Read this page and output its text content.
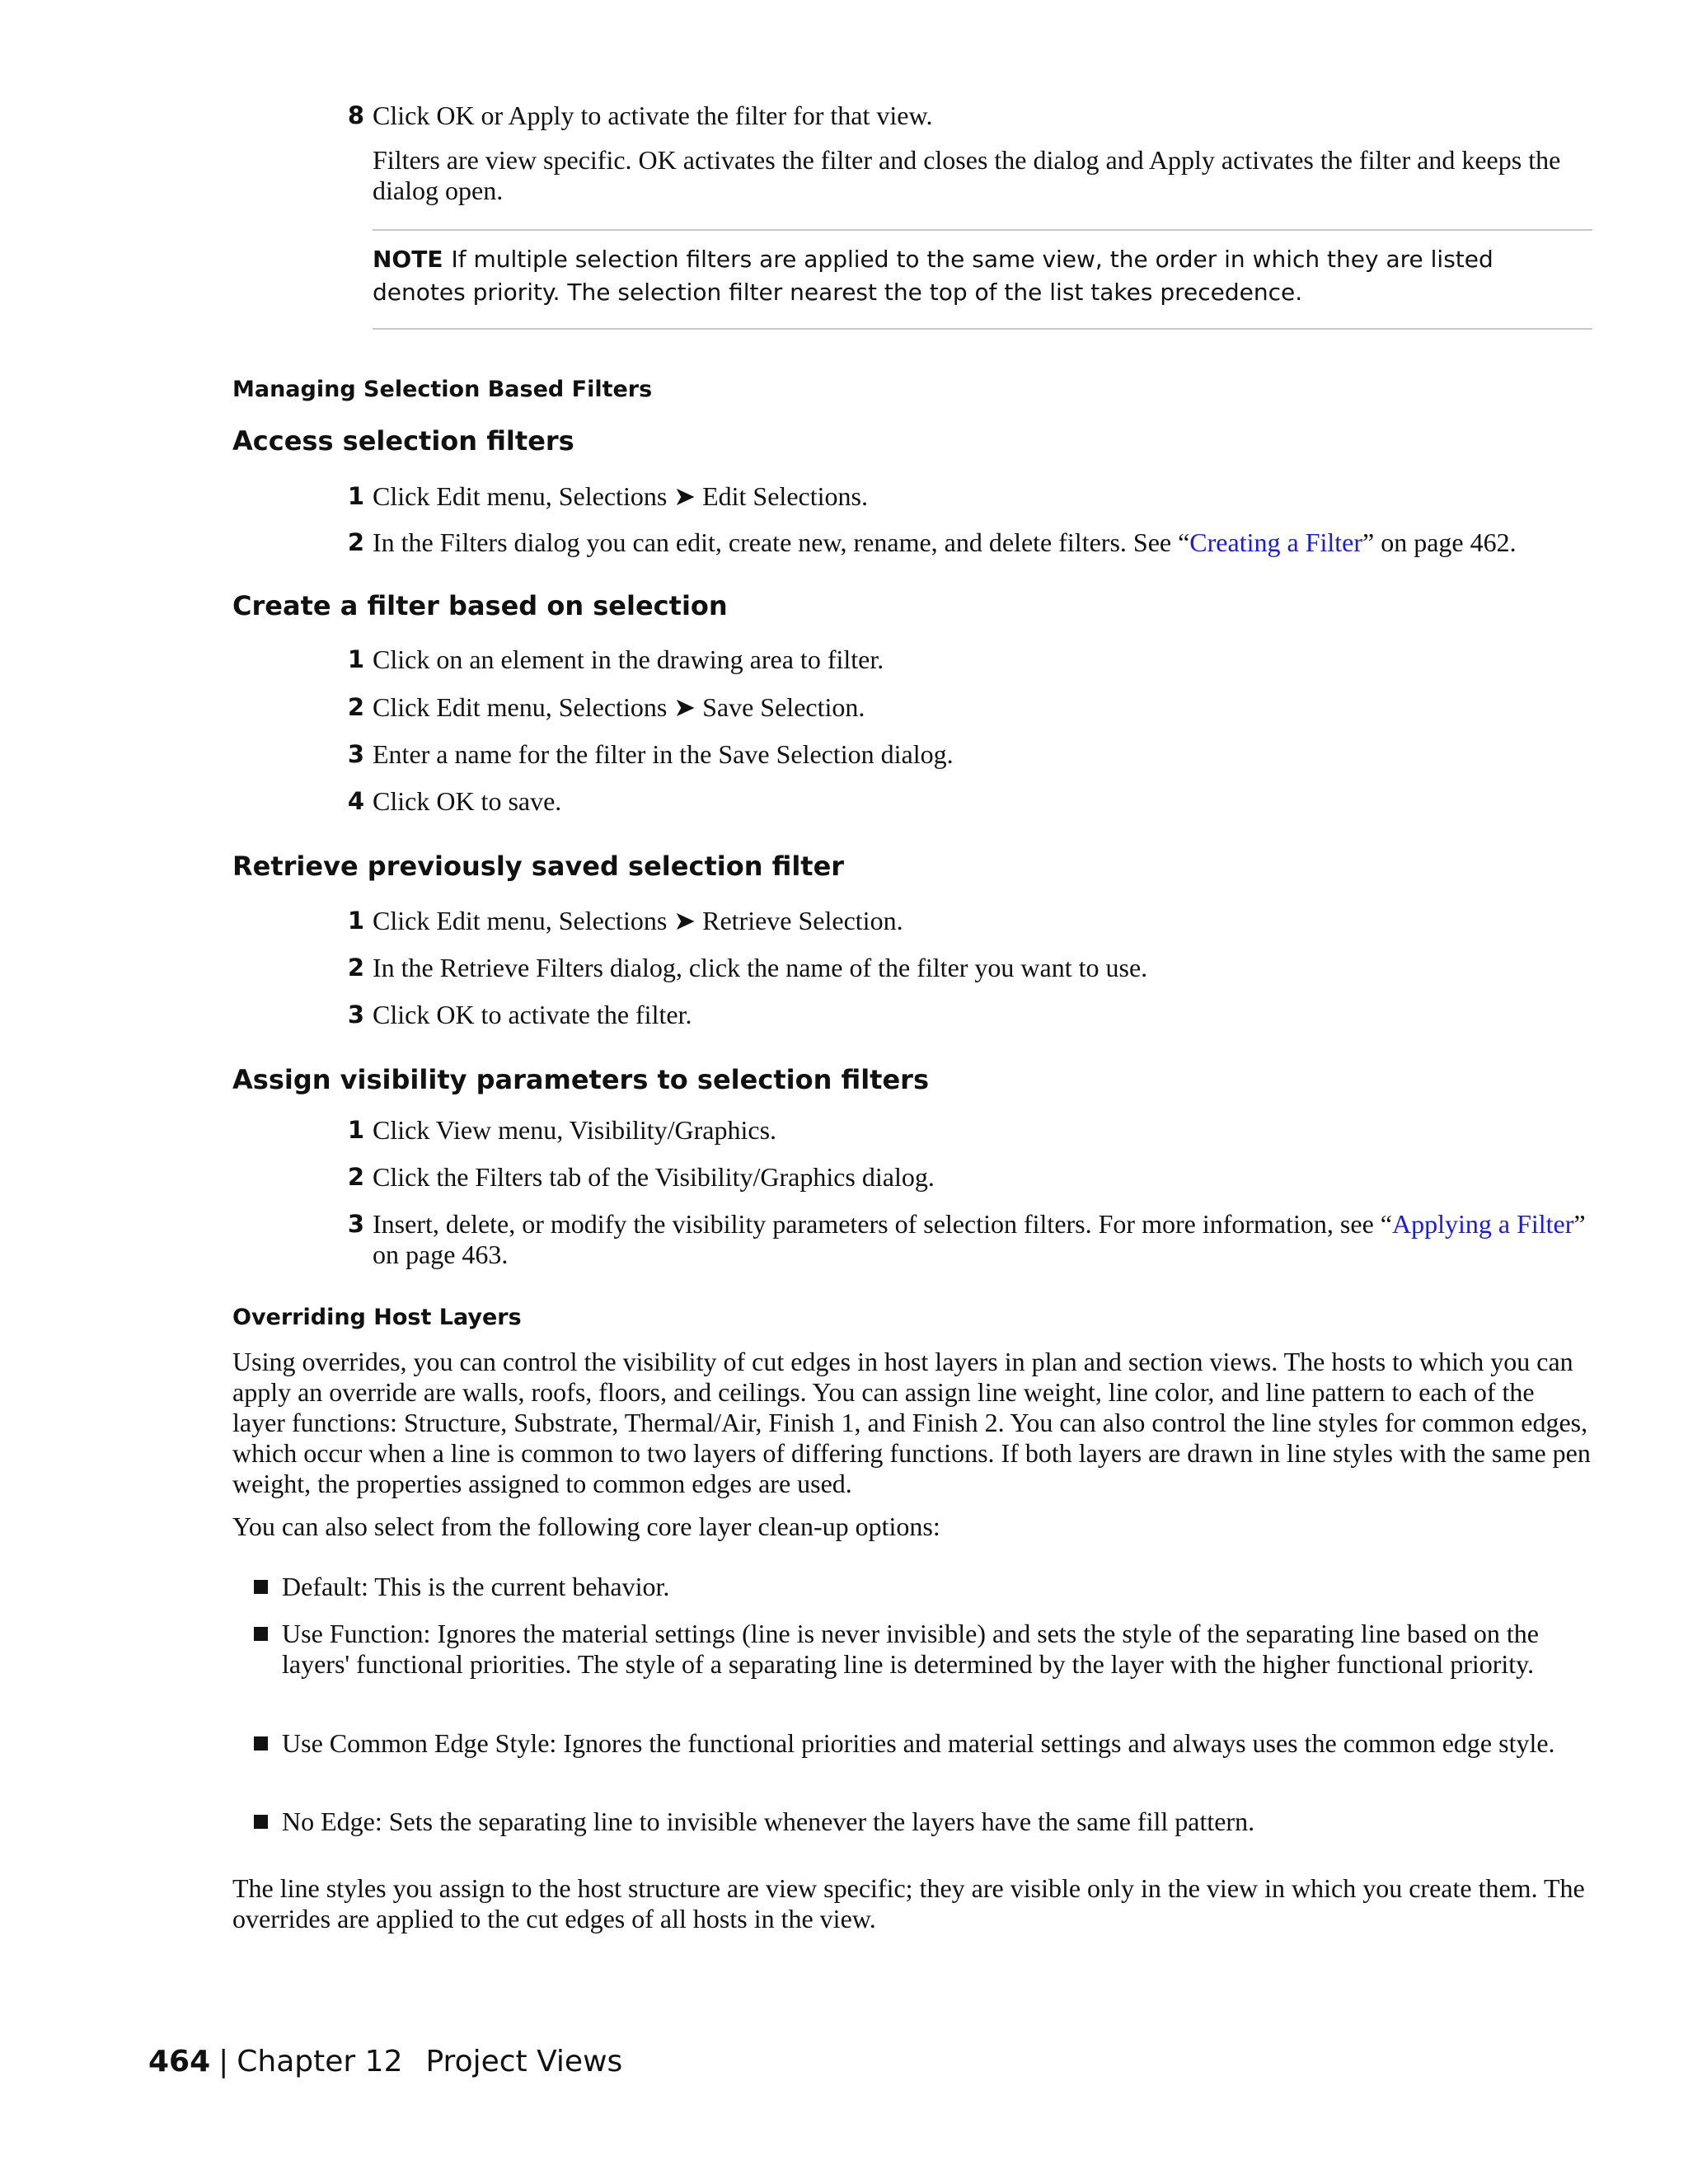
8 Click OK or Apply to activate the filter for that view.
Filters are view specific. OK activates the filter and closes the dialog and Apply activates the filter and keeps the dialog open.
NOTE If multiple selection filters are applied to the same view, the order in which they are listed denotes priority. The selection filter nearest the top of the list takes precedence.
Managing Selection Based Filters
Access selection filters
1 Click Edit menu, Selections ➤ Edit Selections.
2 In the Filters dialog you can edit, create new, rename, and delete filters. See “Creating a Filter” on page 462.
Create a filter based on selection
1 Click on an element in the drawing area to filter.
2 Click Edit menu, Selections ➤ Save Selection.
3 Enter a name for the filter in the Save Selection dialog.
4 Click OK to save.
Retrieve previously saved selection filter
1 Click Edit menu, Selections ➤ Retrieve Selection.
2 In the Retrieve Filters dialog, click the name of the filter you want to use.
3 Click OK to activate the filter.
Assign visibility parameters to selection filters
1 Click View menu, Visibility/Graphics.
2 Click the Filters tab of the Visibility/Graphics dialog.
3 Insert, delete, or modify the visibility parameters of selection filters. For more information, see “Applying a Filter” on page 463.
Overriding Host Layers
Using overrides, you can control the visibility of cut edges in host layers in plan and section views. The hosts to which you can apply an override are walls, roofs, floors, and ceilings. You can assign line weight, line color, and line pattern to each of the layer functions: Structure, Substrate, Thermal/Air, Finish 1, and Finish 2. You can also control the line styles for common edges, which occur when a line is common to two layers of differing functions. If both layers are drawn in line styles with the same pen weight, the properties assigned to common edges are used.
You can also select from the following core layer clean-up options:
Default: This is the current behavior.
Use Function: Ignores the material settings (line is never invisible) and sets the style of the separating line based on the layers' functional priorities. The style of a separating line is determined by the layer with the higher functional priority.
Use Common Edge Style: Ignores the functional priorities and material settings and always uses the common edge style.
No Edge: Sets the separating line to invisible whenever the layers have the same fill pattern.
The line styles you assign to the host structure are view specific; they are visible only in the view in which you create them. The overrides are applied to the cut edges of all hosts in the view.
464 | Chapter 12 Project Views
